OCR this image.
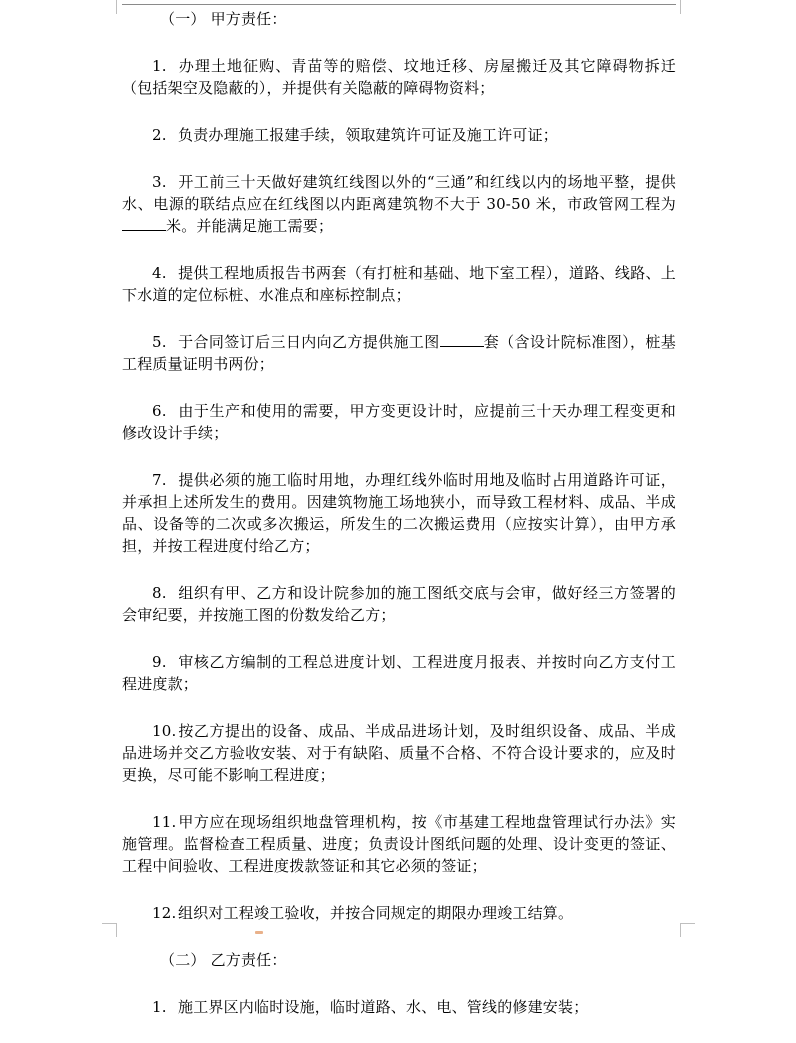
（一） 甲方责任：

1. 办理土地征购、青苗等的赔偿、坟地迁移、房屋搬迁及其它障碍物拆迁（包括架空及隐蔽的），并提供有关隐蔽的障碍物资料；

2. 负责办理施工报建手续，领取建筑许可证及施工许可证；

3. 开工前三十天做好建筑红线图以外的“三通”和红线以内的场地平整，提供水、电源的联结点应在红线图以内距离建筑物不大于 30-50 米，市政管网工程为米。并能满足施工需要；

4. 提供工程地质报告书两套（有打桩和基础、地下室工程），道路、线路、上下水道的定位标桩、水准点和座标控制点；

5. 于合同签订后三日内向乙方提供施工图	套（含设计院标准图），桩基工程质量证明书两份；

6. 由于生产和使用的需要，甲方变更设计时，应提前三十天办理工程变更和修改设计手续；

7. 提供必须的施工临时用地，办理红线外临时用地及临时占用道路许可证，并承担上述所发生的费用。因建筑物施工场地狭小，而导致工程材料、成品、半成品、设备等的二次或多次搬运，所发生的二次搬运费用（应按实计算），由甲方承担，并按工程进度付给乙方；

8. 组织有甲、乙方和设计院参加的施工图纸交底与会审，做好经三方签署的会审纪要，并按施工图的份数发给乙方；

9. 审核乙方编制的工程总进度计划、工程进度月报表、并按时向乙方支付工程进度款；

10. 按乙方提出的设备、成品、半成品进场计划，及时组织设备、成品、半成品进场并交乙方验收安装、对于有缺陷、质量不合格、不符合设计要求的，应及时更换，尽可能不影响工程进度；

11. 甲方应在现场组织地盘管理机构，按《市基建工程地盘管理试行办法》实施管理。监督检查工程质量、进度；负责设计图纸问题的处理、设计变更的签证、工程中间验收、工程进度拨款签证和其它必须的签证；

12. 组织对工程竣工验收，并按合同规定的期限办理竣工结算。

（二） 乙方责任：

1. 施工界区内临时设施，临时道路、水、电、管线的修建安装；
